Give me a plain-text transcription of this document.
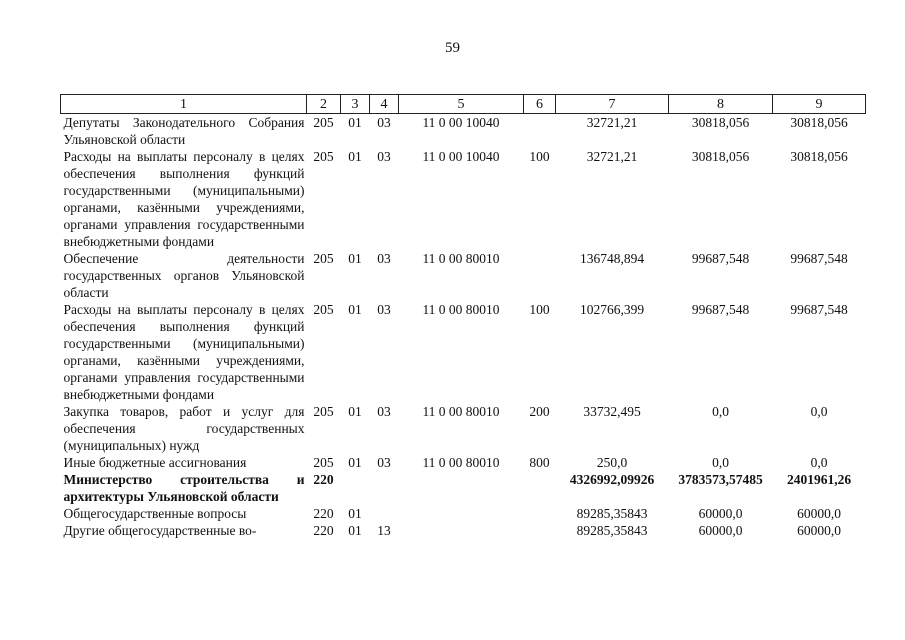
59
1	2	3	4	5	6	7	8	9
Депутаты Законодательного Собрания Ульяновской области	205	01	03	11 0 00 10040		32721,21	30818,056	30818,056
Расходы на выплаты персоналу в целях обеспечения выполнения функций государственными (муниципальными) органами, казёнными учреждениями, органами управления государственными внебюджетными фондами	205	01	03	11 0 00 10040	100	32721,21	30818,056	30818,056
Обеспечение деятельности государственных органов Ульяновской области	205	01	03	11 0 00 80010		136748,894	99687,548	99687,548
Расходы на выплаты персоналу в целях обеспечения выполнения функций государственными (муниципальными) органами, казёнными учреждениями, органами управления государственными внебюджетными фондами	205	01	03	11 0 00 80010	100	102766,399	99687,548	99687,548
Закупка товаров, работ и услуг для обеспечения государственных (муниципальных) нужд	205	01	03	11 0 00 80010	200	33732,495	0,0	0,0
Иные бюджетные ассигнования	205	01	03	11 0 00 80010	800	250,0	0,0	0,0
Министерство строительства и архитектуры Ульяновской области	220					4326992,09926	3783573,57485	2401961,26
Общегосударственные вопросы	220	01				89285,35843	60000,0	60000,0
Другие общегосударственные во-	220	01	13			89285,35843	60000,0	60000,0
